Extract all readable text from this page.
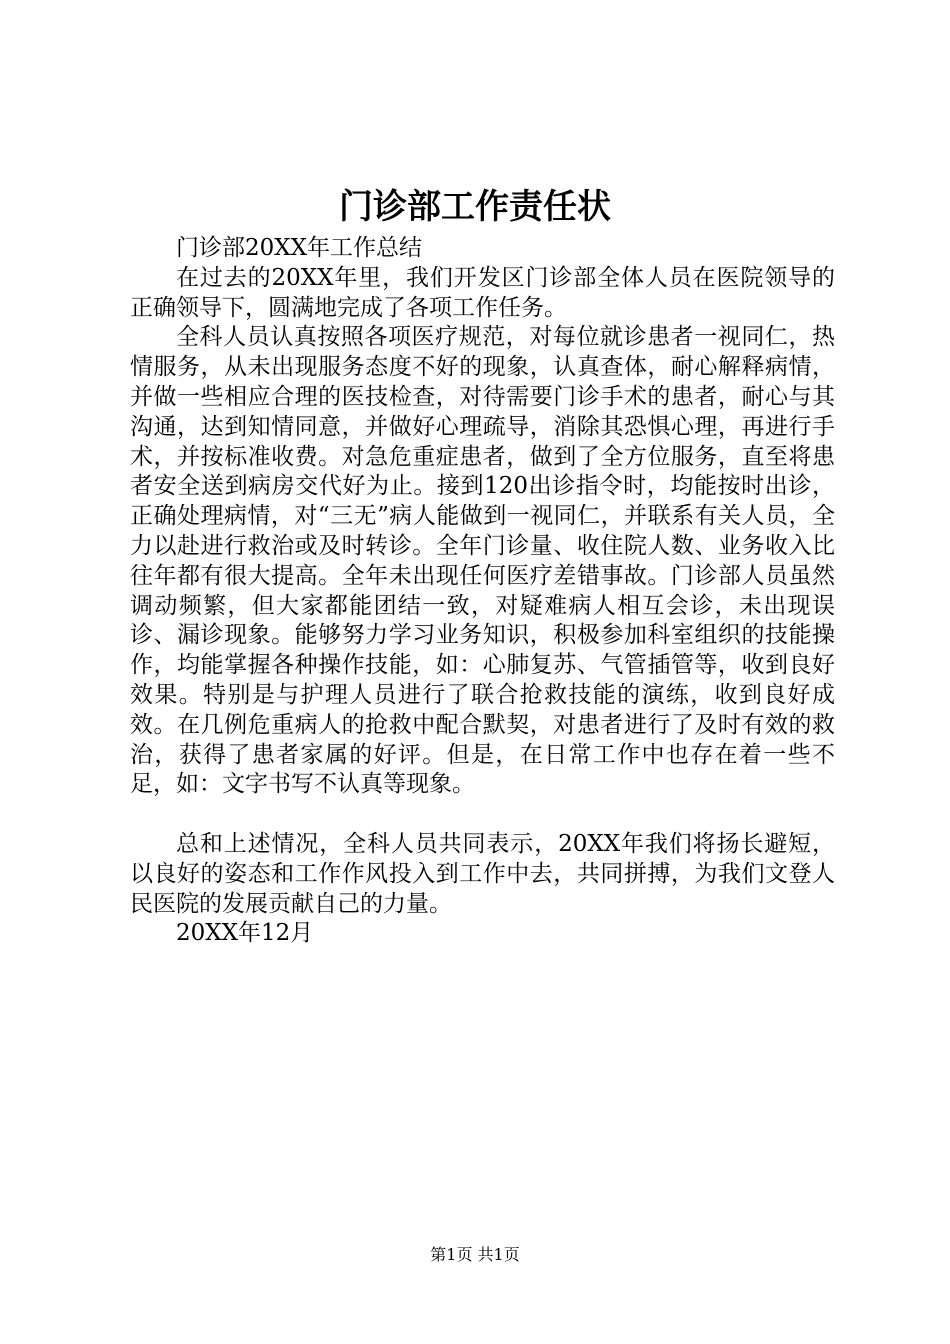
门诊部工作责任状

门诊部20XX年工作总结

在过去的20XX年里，我们开发区门诊部全体人员在医院领导的正确领导下，圆满地完成了各项工作任务。

全科人员认真按照各项医疗规范，对每位就诊患者一视同仁，热情服务，从未出现服务态度不好的现象，认真查体，耐心解释病情，并做一些相应合理的医技检查，对待需要门诊手术的患者，耐心与其沟通，达到知情同意，并做好心理疏导，消除其恐惧心理，再进行手术，并按标准收费。对急危重症患者，做到了全方位服务，直至将患者安全送到病房交代好为止。接到120出诊指令时，均能按时出诊，正确处理病情，对“三无”病人能做到一视同仁，并联系有关人员，全力以赴进行救治或及时转诊。全年门诊量、收住院人数、业务收入比往年都有很大提高。全年未出现任何医疗差错事故。门诊部人员虽然调动频繁，但大家都能团结一致，对疑难病人相互会诊，未出现误诊、漏诊现象。能够努力学习业务知识，积极参加科室组织的技能操作，均能掌握各种操作技能，如：心肺复苏、气管插管等，收到良好效果。特别是与护理人员进行了联合抢救技能的演练，收到良好成效。在几例危重病人的抢救中配合默契，对患者进行了及时有效的救治，获得了患者家属的好评。但是，在日常工作中也存在着一些不足，如：文字书写不认真等现象。

总和上述情况，全科人员共同表示，20XX年我们将扬长避短，以良好的姿态和工作作风投入到工作中去，共同拼搏，为我们文登人民医院的发展贡献自己的力量。

20XX年12月

第1页 共1页
